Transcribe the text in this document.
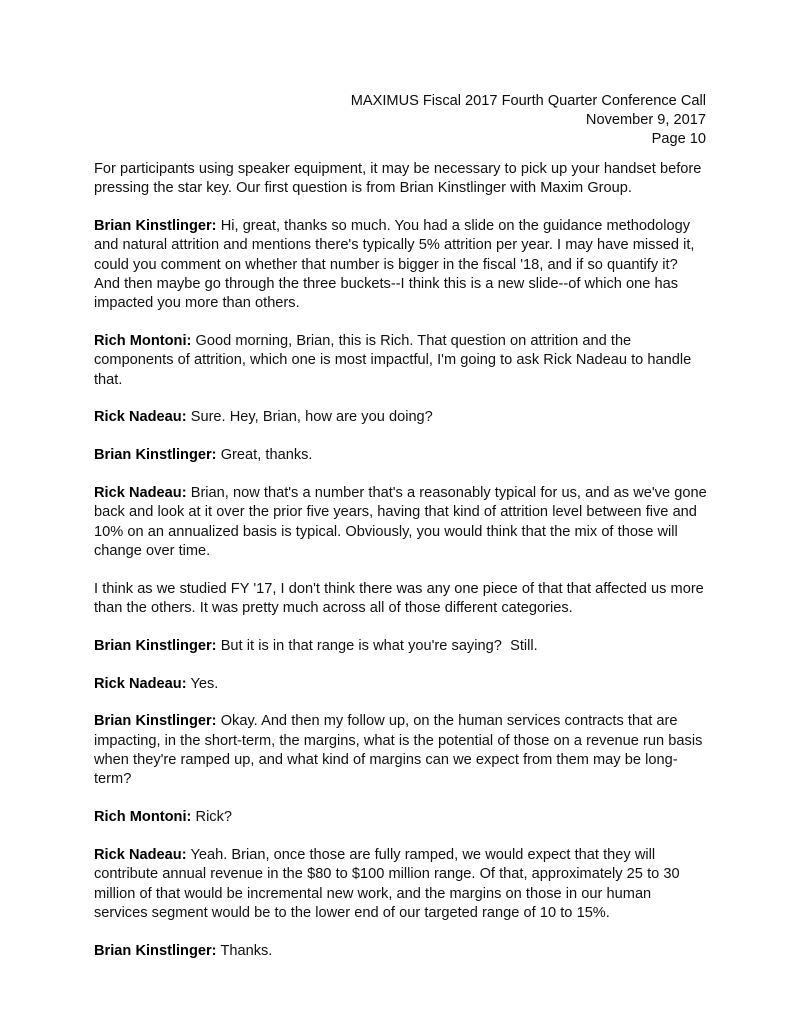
MAXIMUS Fiscal 2017 Fourth Quarter Conference Call
November 9, 2017
Page 10
For participants using speaker equipment, it may be necessary to pick up your handset before pressing the star key. Our first question is from Brian Kinstlinger with Maxim Group.
Brian Kinstlinger: Hi, great, thanks so much. You had a slide on the guidance methodology and natural attrition and mentions there's typically 5% attrition per year. I may have missed it, could you comment on whether that number is bigger in the fiscal '18, and if so quantify it?  And then maybe go through the three buckets--I think this is a new slide--of which one has impacted you more than others.
Rich Montoni: Good morning, Brian, this is Rich. That question on attrition and the components of attrition, which one is most impactful, I'm going to ask Rick Nadeau to handle that.
Rick Nadeau: Sure. Hey, Brian, how are you doing?
Brian Kinstlinger: Great, thanks.
Rick Nadeau: Brian, now that's a number that's a reasonably typical for us, and as we've gone back and look at it over the prior five years, having that kind of attrition level between five and 10% on an annualized basis is typical. Obviously, you would think that the mix of those will change over time.
I think as we studied FY '17, I don't think there was any one piece of that that affected us more than the others. It was pretty much across all of those different categories.
Brian Kinstlinger: But it is in that range is what you're saying?  Still.
Rick Nadeau: Yes.
Brian Kinstlinger: Okay. And then my follow up, on the human services contracts that are impacting, in the short-term, the margins, what is the potential of those on a revenue run basis when they're ramped up, and what kind of margins can we expect from them may be long-term?
Rich Montoni: Rick?
Rick Nadeau: Yeah. Brian, once those are fully ramped, we would expect that they will contribute annual revenue in the $80 to $100 million range. Of that, approximately 25 to 30 million of that would be incremental new work, and the margins on those in our human services segment would be to the lower end of our targeted range of 10 to 15%.
Brian Kinstlinger: Thanks.
